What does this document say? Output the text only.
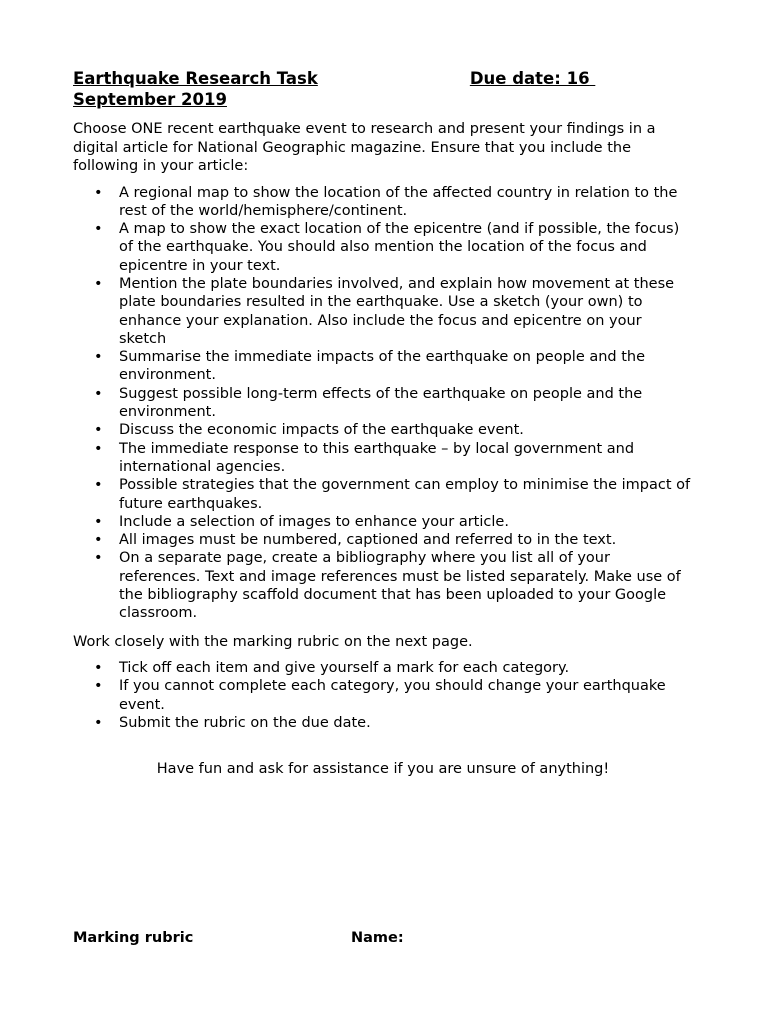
Earthquake Research Task	Due date: 16 September 2019

Choose ONE recent earthquake event to research and present your findings in a digital article for National Geographic magazine. Ensure that you include the following in your article:

• A regional map to show the location of the affected country in relation to the rest of the world/hemisphere/continent.
• A map to show the exact location of the epicentre (and if possible, the focus) of the earthquake. You should also mention the location of the focus and epicentre in your text.
• Mention the plate boundaries involved, and explain how movement at these plate boundaries resulted in the earthquake. Use a sketch (your own) to enhance your explanation. Also include the focus and epicentre on your sketch
• Summarise the immediate impacts of the earthquake on people and the environment.
• Suggest possible long-term effects of the earthquake on people and the environment.
• Discuss the economic impacts of the earthquake event.
• The immediate response to this earthquake – by local government and international agencies.
• Possible strategies that the government can employ to minimise the impact of future earthquakes.
• Include a selection of images to enhance your article.
• All images must be numbered, captioned and referred to in the text.
• On a separate page, create a bibliography where you list all of your references. Text and image references must be listed separately. Make use of the bibliography scaffold document that has been uploaded to your Google classroom.

Work closely with the marking rubric on the next page.

• Tick off each item and give yourself a mark for each category.
• If you cannot complete each category, you should change your earthquake event.
• Submit the rubric on the due date.

Have fun and ask for assistance if you are unsure of anything!

Marking rubric	Name:
